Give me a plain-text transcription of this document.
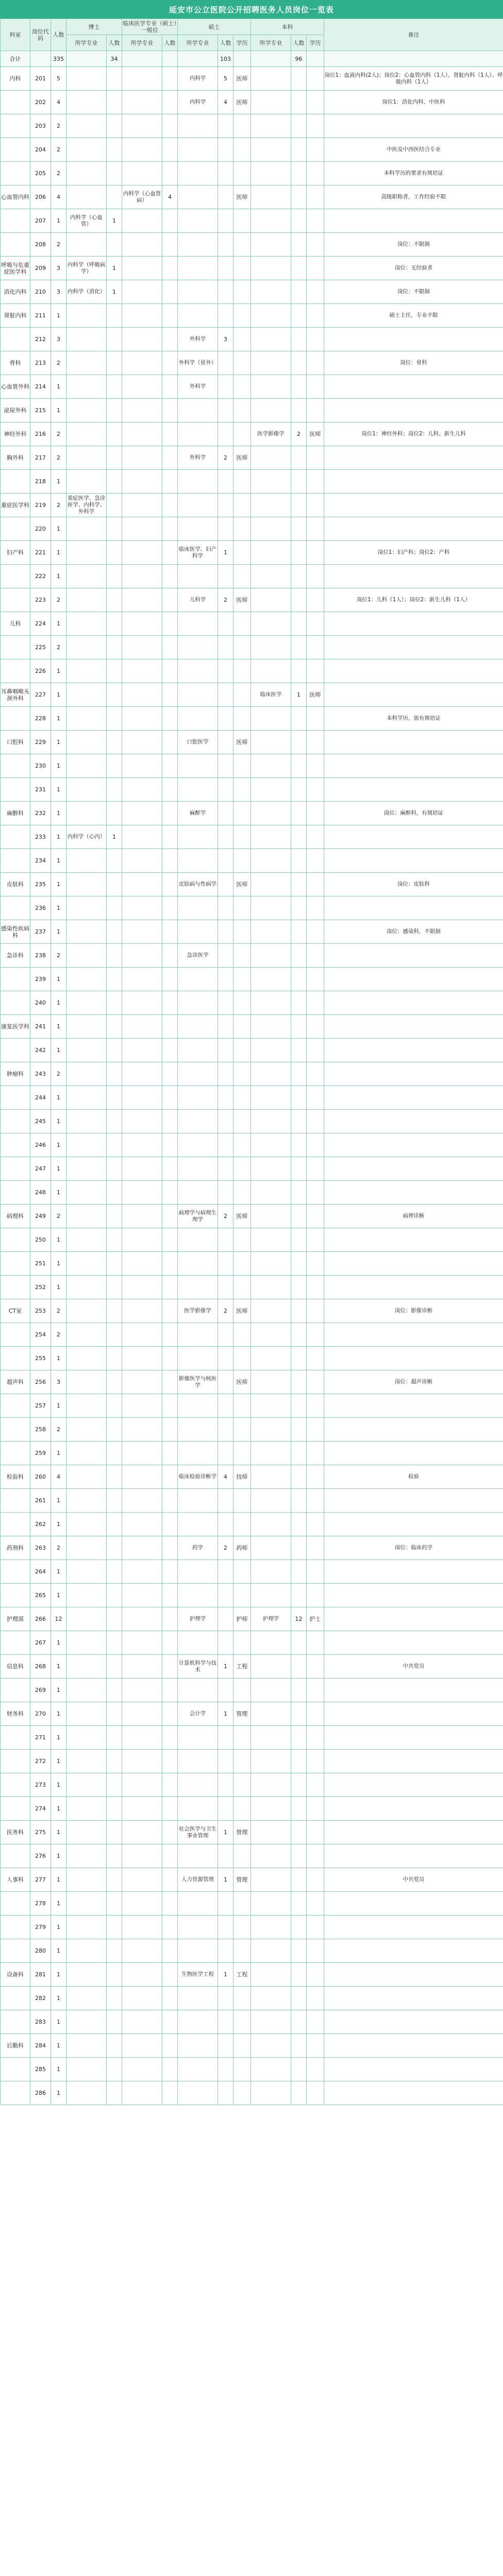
延安市公立医院公开招聘医务人员岗位一览表
科室	岗位代码	人数	博士		临床医学专业（硕士）一般位		硕士			本科			备注
			所学专业	人数	所学专业	人数	所学专业	人数	学历	所学专业	人数	学历	
合计		335		34				103			96		
内科	201	5					内科学	5	医师				岗位1：血液内科(2人)；岗位2：心血管内科（1人）、肾脏内科（1人）、呼吸内科（1人）
	202	4					内科学	4	医师				岗位1：消化内科、中医科
	203	2											
	204	2											中医及中西医结合专业
	205	2											本科学历的要求有规培证
心血管内科	206	4			内科学（心血管病）	4			医师				高级职称者，工作经验不限
	207	1	内科学（心血管）	1									
	208	2											岗位：不限制
呼吸与危重症医学科	209	3	内科学（呼吸病学）	1									岗位：无经验者
消化内科	210	3	内科学（消化）	1									岗位：不限制
肾脏内科	211	1											硕士主任，专业不限
	212	3					外科学	3					
骨科	213	2					外科学（骨外）						岗位：骨科
心血管外科	214	1					外科学						
泌尿外科	215	1											
神经外科	216	2								医学影像学	2	医师	岗位1：神经外科；岗位2：儿科、新生儿科
胸外科	217	2					外科学	2	医师				
	218	1											
重症医学科	219	2	重症医学、急诊医学、内科学、外科学										
	220	1											
妇产科	221	1					临床医学、妇产科学	1					岗位1：妇产科；岗位2：产科
	222	1											
	223	2					儿科学	2	医师				岗位1：儿科（1人）；岗位2：新生儿科（1人）
儿科	224	1											
	225	2											
	226	1											
耳鼻咽喉头颈外科	227	1								临床医学	1	医师	
	228	1											本科学历，需有规培证
口腔科	229	1					口腔医学		医师				
	230	1											
	231	1											
麻醉科	232	1					麻醉学						岗位：麻醉科，有规培证
	233	1	内科学（心内）	1									
	234	1											
皮肤科	235	1					皮肤病与性病学		医师				岗位：皮肤科
	236	1											
感染性疾病科	237	1											岗位：感染科，不限制
急诊科	238	2					急诊医学						
	239	1											
	240	1											
康复医学科	241	1											
	242	1											
肿瘤科	243	2											
	244	1											
	245	1											
	246	1											
	247	1											
	248	1											
病理科	249	2					病理学与病理生理学	2	医师				病理诊断
	250	1											
	251	1											
	252	1											
CT室	253	2					医学影像学	2	医师				岗位：影像诊断
	254	2											
	255	1											
超声科	256	3					影像医学与核医学		医师				岗位：超声诊断
	257	1											
	258	2											
	259	1											
检验科	260	4					临床检验诊断学	4	技师				检验
	261	1											
	262	1											
药剂科	263	2					药学	2	药师				岗位：临床药学
	264	1											
	265	1											
护理部	266	12					护理学		护师	护理学	12	护士	
	267	1											
信息科	268	1					计算机科学与技术	1	工程				中共党员
	269	1											
财务科	270	1					会计学	1	管理				
	271	1											
	272	1											
	273	1											
	274	1											
医务科	275	1					社会医学与卫生事业管理	1	管理				
	276	1											
人事科	277	1					人力资源管理	1	管理				中共党员
	278	1											
	279	1											
	280	1											
设备科	281	1					生物医学工程	1	工程				
	282	1											
	283	1											
后勤科	284	1											
	285	1											
	286	1											
